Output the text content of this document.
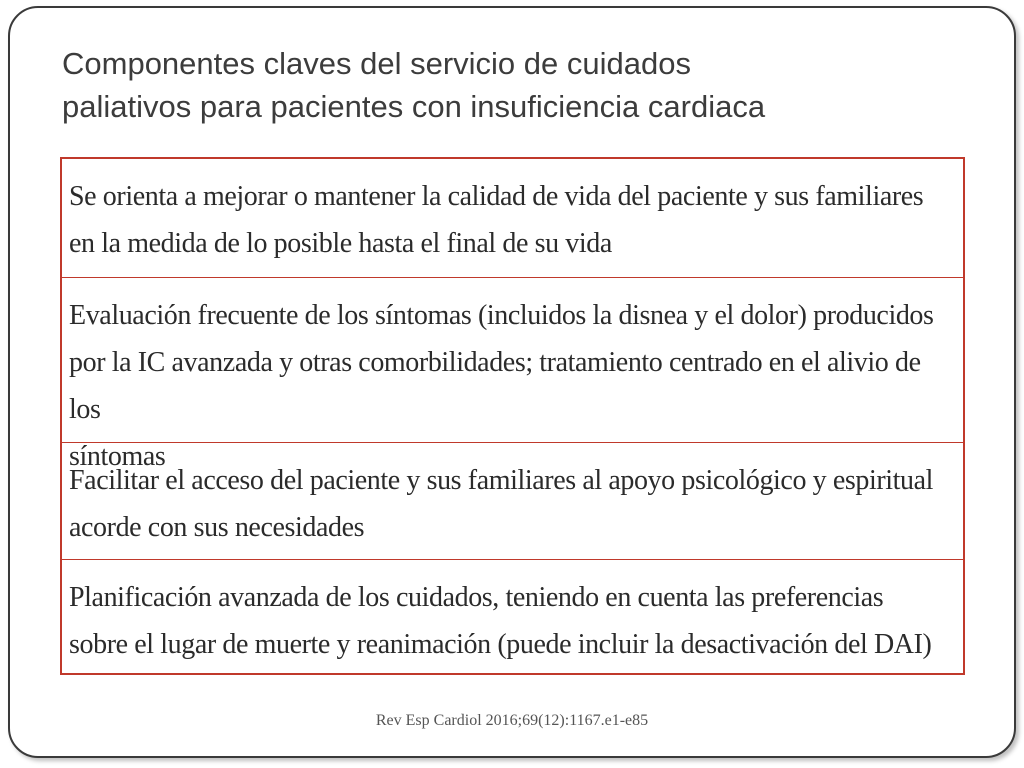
Componentes claves del servicio de cuidados
paliativos para pacientes con insuficiencia cardiaca
Se orienta a mejorar o mantener la calidad de vida del paciente y sus familiares
en la medida de lo posible hasta el final de su vida
Evaluación frecuente de los síntomas (incluidos la disnea y el dolor) producidos
por la IC avanzada y otras comorbilidades; tratamiento centrado en el alivio de los
síntomas
Facilitar el acceso del paciente y sus familiares al apoyo psicológico y espiritual
acorde con sus necesidades
Planificación avanzada de los cuidados, teniendo en cuenta las preferencias
sobre el lugar de muerte y reanimación (puede incluir la desactivación del DAI)
Rev Esp Cardiol 2016;69(12):1167.e1-e85
